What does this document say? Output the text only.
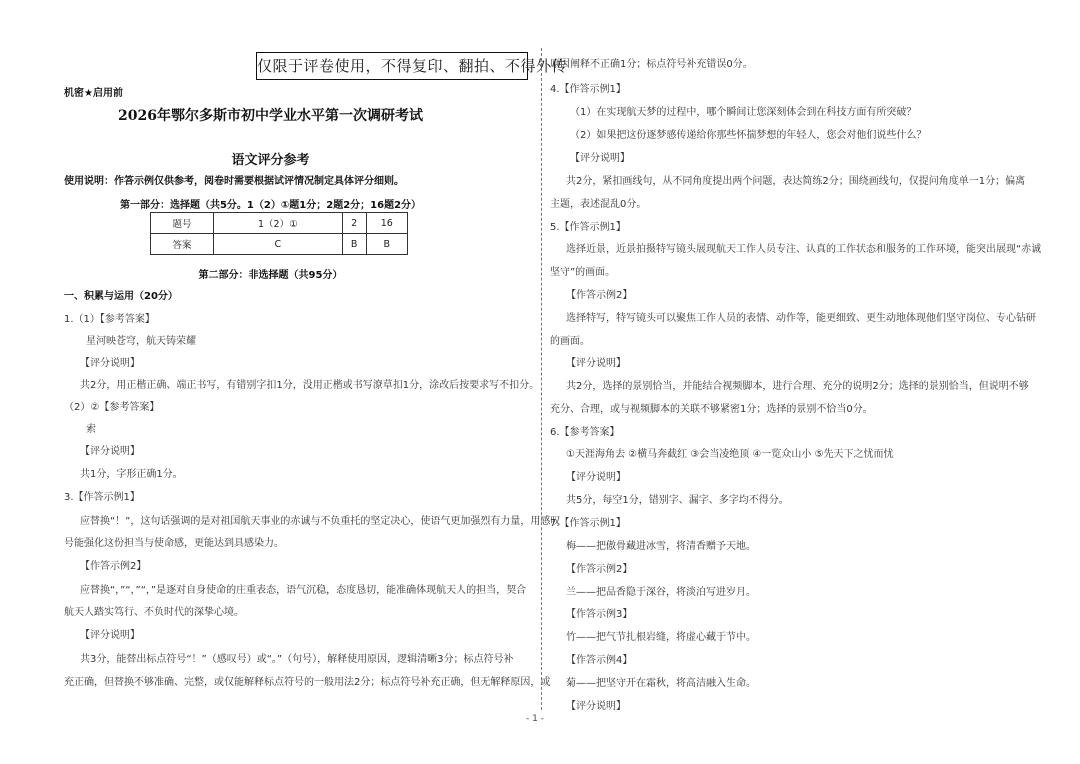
仅限于评卷使用，不得复印、翻拍、不得外传
机密★启用前
2026年鄂尔多斯市初中学业水平第一次调研考试
语文评分参考
使用说明：作答示例仅供参考，阅卷时需要根据试评情况制定具体评分细则。
第一部分：选择题（共5分。1（2）①题1分；2题2分；16题2分）
题号	1（2）①	2	16
答案	C	B	B
第二部分：非选择题（共95分）
一、积累与运用（20分）
1.（1）【参考答案】
星河映苍穹，航天铸荣耀
【评分说明】
共2分，用正楷正确、端正书写，有错别字扣1分，没用正楷或书写潦草扣1分，涂改后按要求写不扣分。
（2）②【参考答案】
索
【评分说明】
共1分，字形正确1分。
3.【作答示例1】
应替换“！”，这句话强调的是对祖国航天事业的赤诚与不负重托的坚定决心，使语气更加强烈有力量，用感叹
号能强化这份担当与使命感，更能达到具感染力。
【作答示例2】
应替换“，”“，”“，”是逐对自身使命的庄重表态，语气沉稳，态度恳切，能准确体现航天人的担当，契合
航天人踏实笃行、不负时代的深挚心境。
【评分说明】
共3分，能替出标点符号“！”（感叹号）或“。”（句号），解释使用原因，逻辑清晰3分；标点符号补
充正确，但替换不够准确、完整，或仅能解释标点符号的一般用法2分；标点符号补充正确，但无解释原因，或
原因阐释不正确1分；标点符号补充错误0分。
4.【作答示例1】
（1）在实现航天梦的过程中，哪个瞬间让您深刻体会到在科技方面有所突破？
（2）如果把这份逐梦感传递给你那些怀揣梦想的年轻人，您会对他们说些什么？
【评分说明】
共2分，紧扣画线句，从不同角度提出两个问题，表达简练2分；围绕画线句，仅提问角度单一1分；偏离
主题，表述混乱0分。
5.【作答示例1】
选择近景，近景拍摄特写镜头展现航天工作人员专注、认真的工作状态和服务的工作环境，能突出展现“赤诚
坚守”的画面。
【作答示例2】
选择特写，特写镜头可以聚焦工作人员的表情、动作等，能更细致、更生动地体现他们坚守岗位、专心钻研
的画面。
【评分说明】
共2分，选择的景别恰当，并能结合视频脚本，进行合理、充分的说明2分；选择的景别恰当，但说明不够
充分、合理，或与视频脚本的关联不够紧密1分；选择的景别不恰当0分。
6.【参考答案】
①天涯海角去 ②横马奔截红 ③会当凌绝顶 ④一览众山小 ⑤先天下之忧而忧
【评分说明】
共5分，每空1分，错别字、漏字、多字均不得分。
7.【作答示例1】
梅——把傲骨藏进冰雪，将清香赠予天地。
【作答示例2】
兰——把品香隐于深谷，将淡泊写进岁月。
【作答示例3】
竹——把气节扎根岩缝，将虚心藏于节中。
【作答示例4】
菊——把坚守开在霜秋，将高洁融入生命。
【评分说明】
- 1 -
